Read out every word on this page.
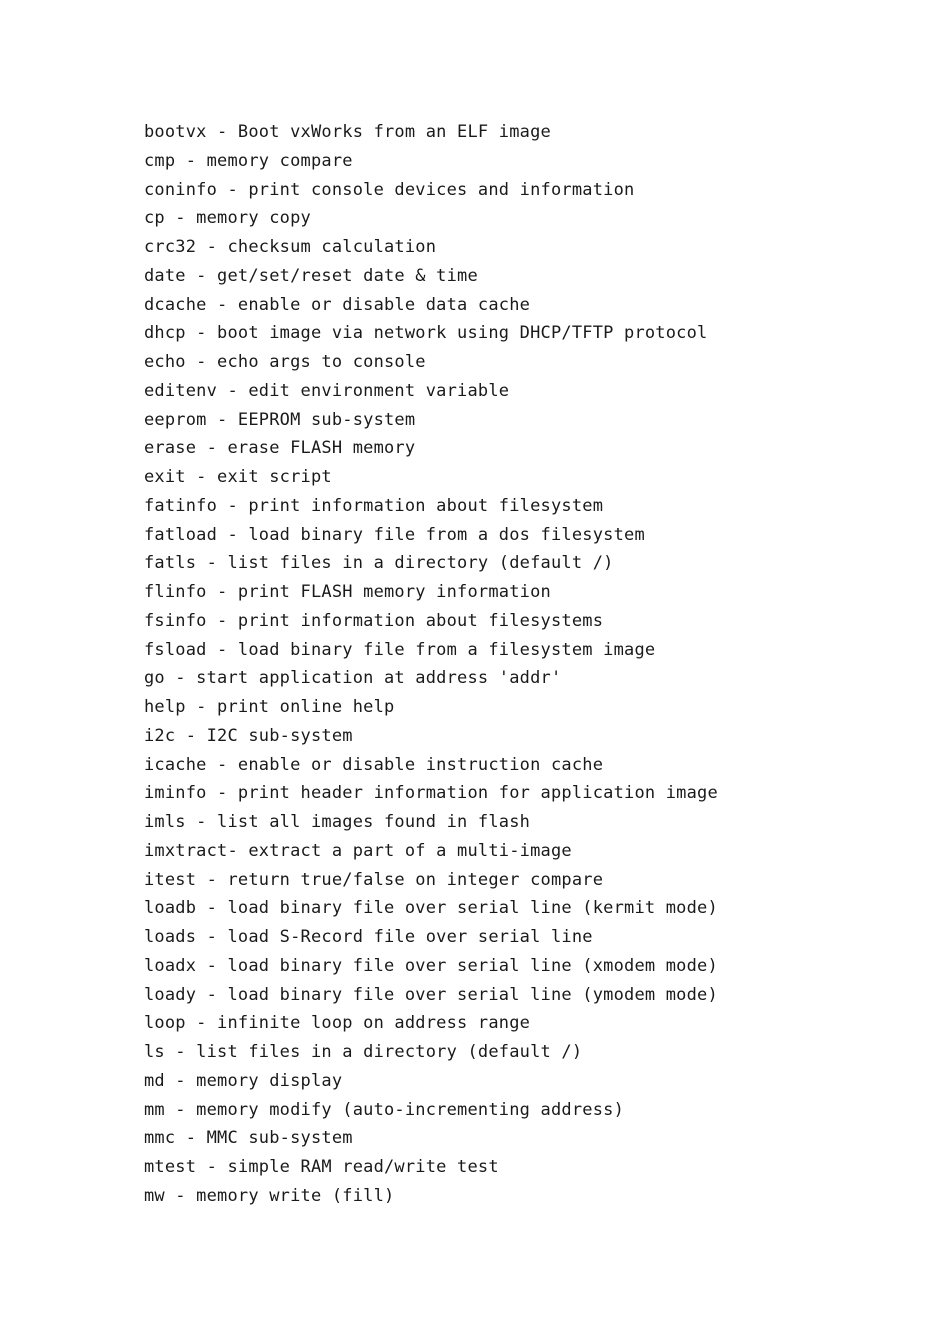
bootvx - Boot vxWorks from an ELF image
cmp - memory compare
coninfo - print console devices and information
cp - memory copy
crc32 - checksum calculation
date - get/set/reset date & time
dcache - enable or disable data cache
dhcp - boot image via network using DHCP/TFTP protocol
echo - echo args to console
editenv - edit environment variable
eeprom - EEPROM sub-system
erase - erase FLASH memory
exit - exit script
fatinfo - print information about filesystem
fatload - load binary file from a dos filesystem
fatls - list files in a directory (default /)
flinfo - print FLASH memory information
fsinfo - print information about filesystems
fsload - load binary file from a filesystem image
go - start application at address 'addr'
help - print online help
i2c - I2C sub-system
icache - enable or disable instruction cache
iminfo - print header information for application image
imls - list all images found in flash
imxtract- extract a part of a multi-image
itest - return true/false on integer compare
loadb - load binary file over serial line (kermit mode)
loads - load S-Record file over serial line
loadx - load binary file over serial line (xmodem mode)
loady - load binary file over serial line (ymodem mode)
loop - infinite loop on address range
ls - list files in a directory (default /)
md - memory display
mm - memory modify (auto-incrementing address)
mmc - MMC sub-system
mtest - simple RAM read/write test
mw - memory write (fill)
